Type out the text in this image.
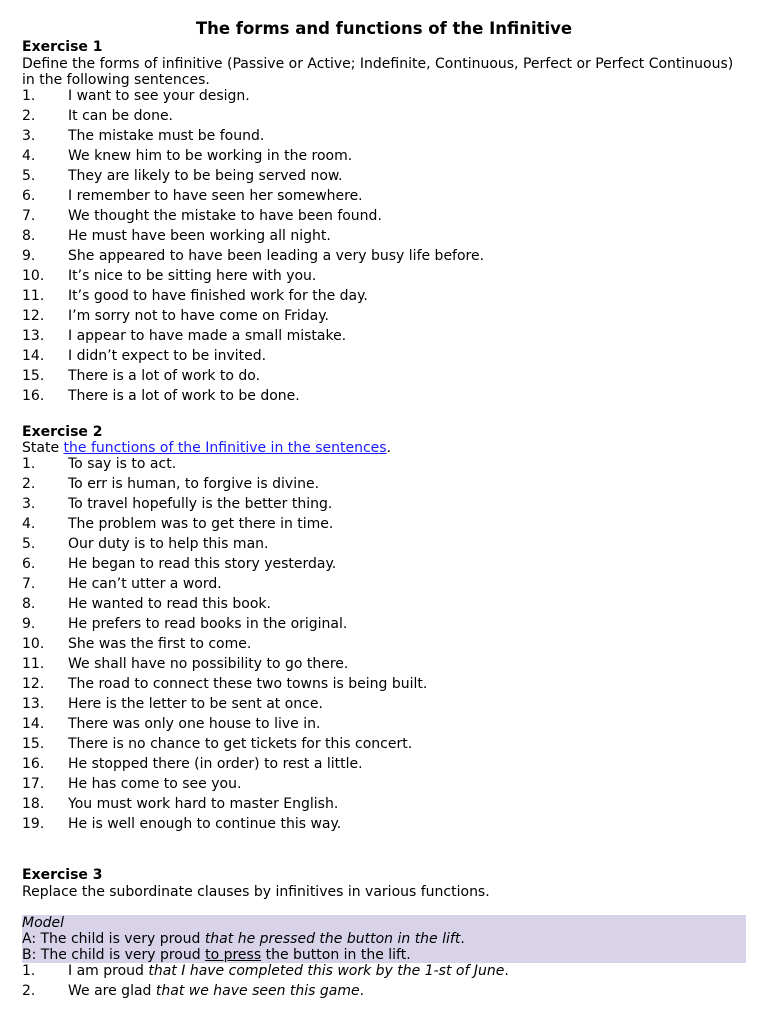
The forms and functions of the Infinitive
Exercise 1
Define the forms of infinitive (Passive or Active; Indefinite, Continuous, Perfect or Perfect Continuous) in the following sentences.
1.	I want to see your design.
2.	It can be done.
3.	The mistake must be found.
4.	We knew him to be working in the room.
5.	They are likely to be being served now.
6.	I remember to have seen her somewhere.
7.	We thought the mistake to have been found.
8.	He must have been working all night.
9.	She appeared to have been leading a very busy life before.
10.	It’s nice to be sitting here with you.
11.	It’s good to have finished work for the day.
12.	I’m sorry not to have come on Friday.
13.	I appear to have made a small mistake.
14.	I didn’t expect to be invited.
15.	There is a lot of work to do.
16.	There is a lot of work to be done.
Exercise 2
State the functions of the Infinitive in the sentences.
1.	To say is to act.
2.	To err is human, to forgive is divine.
3.	To travel hopefully is the better thing.
4.	The problem was to get there in time.
5.	Our duty is to help this man.
6.	He began to read this story yesterday.
7.	He can’t utter a word.
8.	He wanted to read this book.
9.	He prefers to read books in the original.
10.	She was the first to come.
11.	We shall have no possibility to go there.
12.	The road to connect these two towns is being built.
13.	Here is the letter to be sent at once.
14.	There was only one house to live in.
15.	There is no chance to get tickets for this concert.
16.	He stopped there (in order) to rest a little.
17.	He has come to see you.
18.	You must work hard to master English.
19.	He is well enough to continue this way.
Exercise 3
Replace the subordinate clauses by infinitives in various functions.
Model
A: The child is very proud that he pressed the button in the lift.
B: The child is very proud to press the button in the lift.
1.	I am proud that I have completed this work by the 1-st of June.
2.	We are glad that we have seen this game.
